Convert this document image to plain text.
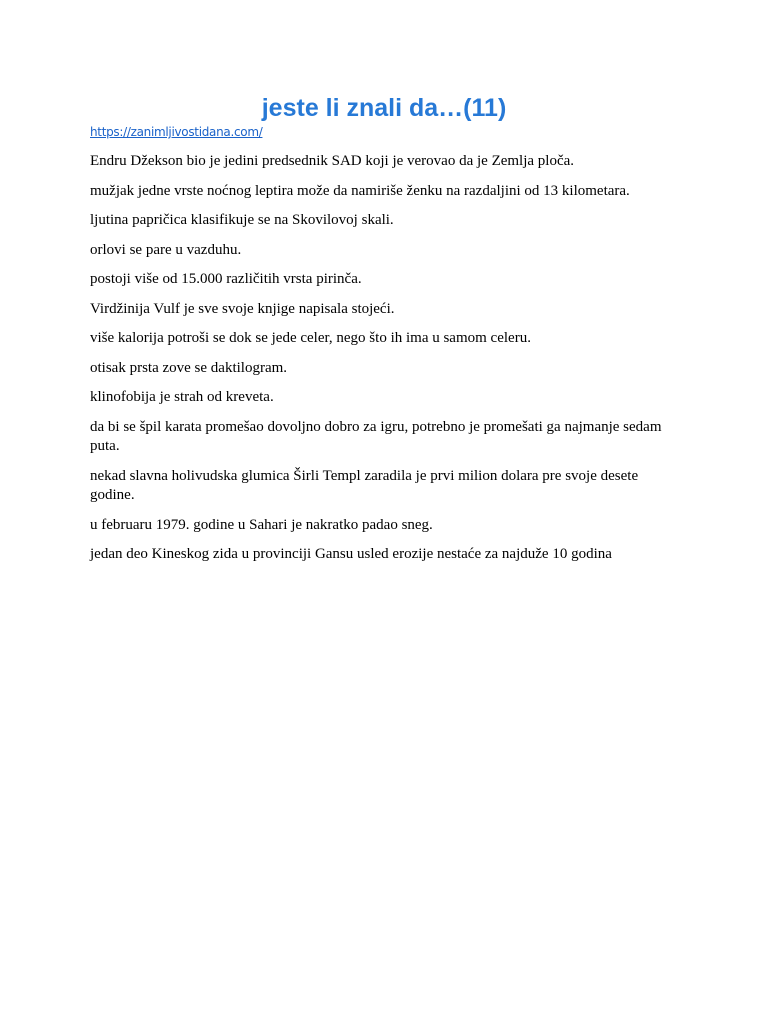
jeste li znali da…(11)
https://zanimljivostidana.com/
Endru Džekson bio je jedini predsednik SAD koji je verovao da je Zemlja ploča.
mužjak jedne vrste noćnog leptira može da namiriše ženku na razdaljini od 13 kilometara.
ljutina papričica klasifikuje se na Skovilovoj skali.
orlovi se pare u vazduhu.
postoji više od 15.000 različitih vrsta pirinča.
Virdžinija Vulf je sve svoje knjige napisala stojeći.
više kalorija potroši se dok se jede celer, nego što ih ima u samom celeru.
otisak prsta zove se daktilogram.
klinofobija je strah od kreveta.
da bi se špil karata promešao dovoljno dobro za igru, potrebno je promešati ga najmanje sedam puta.
nekad slavna holivudska glumica Širli Templ zaradila je prvi milion dolara pre svoje desete godine.
u februaru 1979. godine u Sahari je nakratko padao sneg.
jedan deo Kineskog zida u provinciji Gansu usled erozije nestaće za najduže 10 godina
